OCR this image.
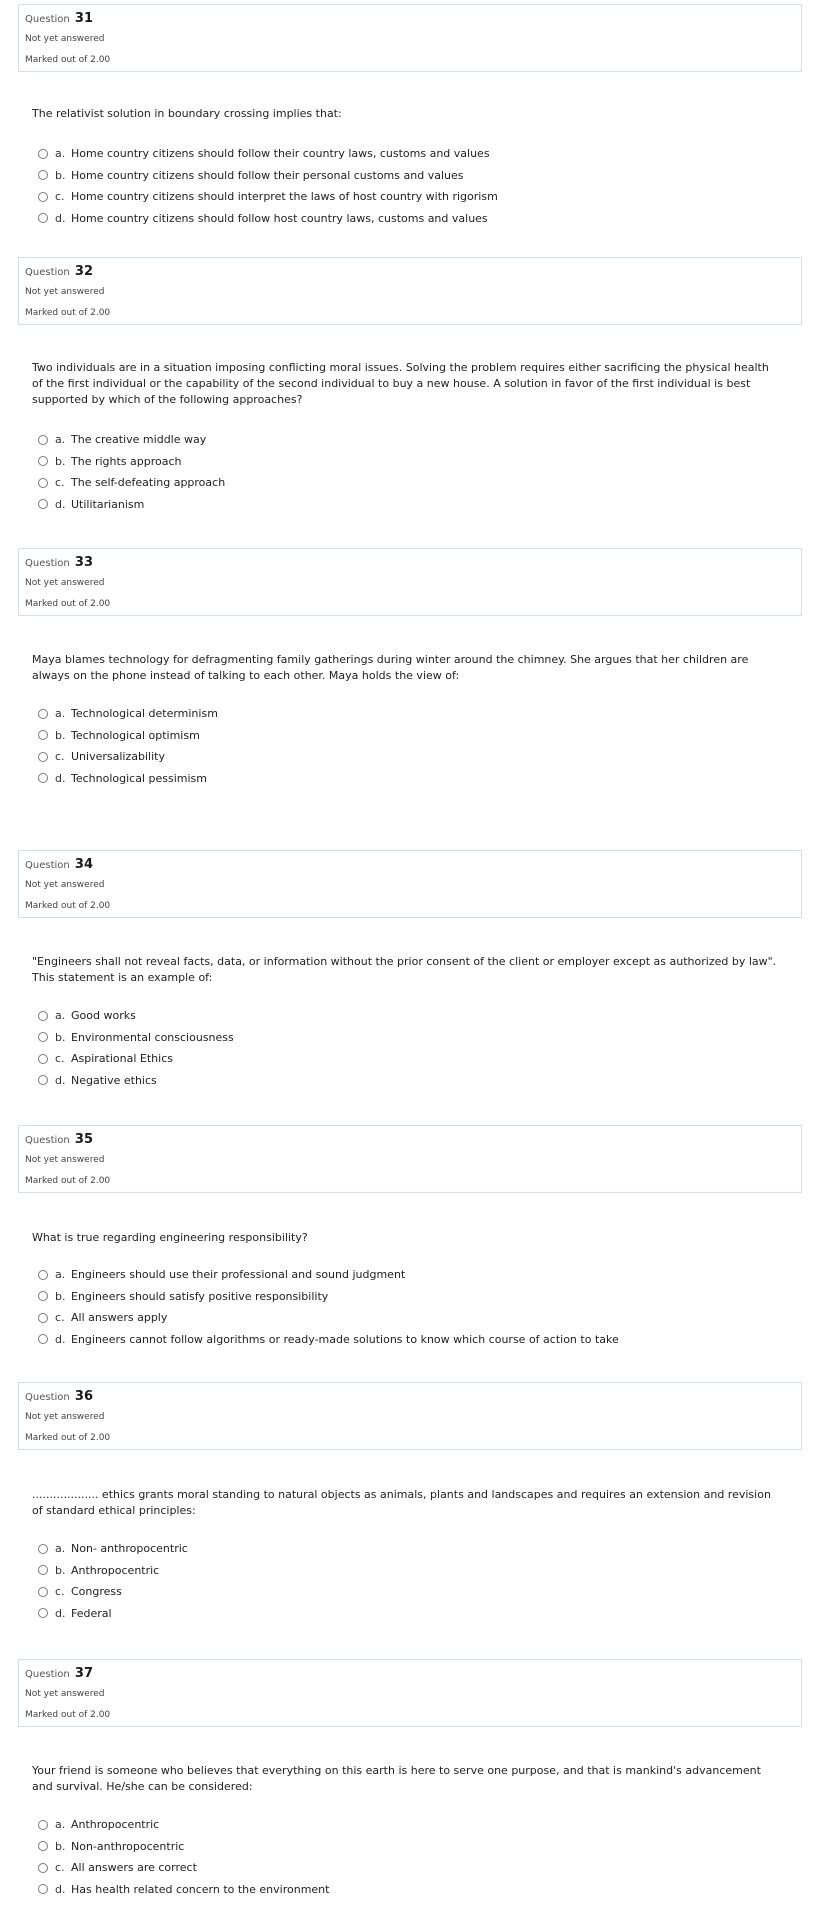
Question 31
Not yet answered
Marked out of 2.00
The relativist solution in boundary crossing implies that:
a. Home country citizens should follow their country laws, customs and values
b. Home country citizens should follow their personal customs and values
c. Home country citizens should interpret the laws of host country with rigorism
d. Home country citizens should follow host country laws, customs and values
Question 32
Not yet answered
Marked out of 2.00
Two individuals are in a situation imposing conflicting moral issues. Solving the problem requires either sacrificing the physical health of the first individual or the capability of the second individual to buy a new house. A solution in favor of the first individual is best supported by which of the following approaches?
a. The creative middle way
b. The rights approach
c. The self-defeating approach
d. Utilitarianism
Question 33
Not yet answered
Marked out of 2.00
Maya blames technology for defragmenting family gatherings during winter around the chimney. She argues that her children are always on the phone instead of talking to each other. Maya holds the view of:
a. Technological determinism
b. Technological optimism
c. Universalizability
d. Technological pessimism
Question 34
Not yet answered
Marked out of 2.00
"Engineers shall not reveal facts, data, or information without the prior consent of the client or employer except as authorized by law". This statement is an example of:
a. Good works
b. Environmental consciousness
c. Aspirational Ethics
d. Negative ethics
Question 35
Not yet answered
Marked out of 2.00
What is true regarding engineering responsibility?
a. Engineers should use their professional and sound judgment
b. Engineers should satisfy positive responsibility
c. All answers apply
d. Engineers cannot follow algorithms or ready-made solutions to know which course of action to take
Question 36
Not yet answered
Marked out of 2.00
................... ethics grants moral standing to natural objects as animals, plants and landscapes and requires an extension and revision of standard ethical principles:
a. Non- anthropocentric
b. Anthropocentric
c. Congress
d. Federal
Question 37
Not yet answered
Marked out of 2.00
Your friend is someone who believes that everything on this earth is here to serve one purpose, and that is mankind's advancement and survival. He/she can be considered:
a. Anthropocentric
b. Non-anthropocentric
c. All answers are correct
d. Has health related concern to the environment
